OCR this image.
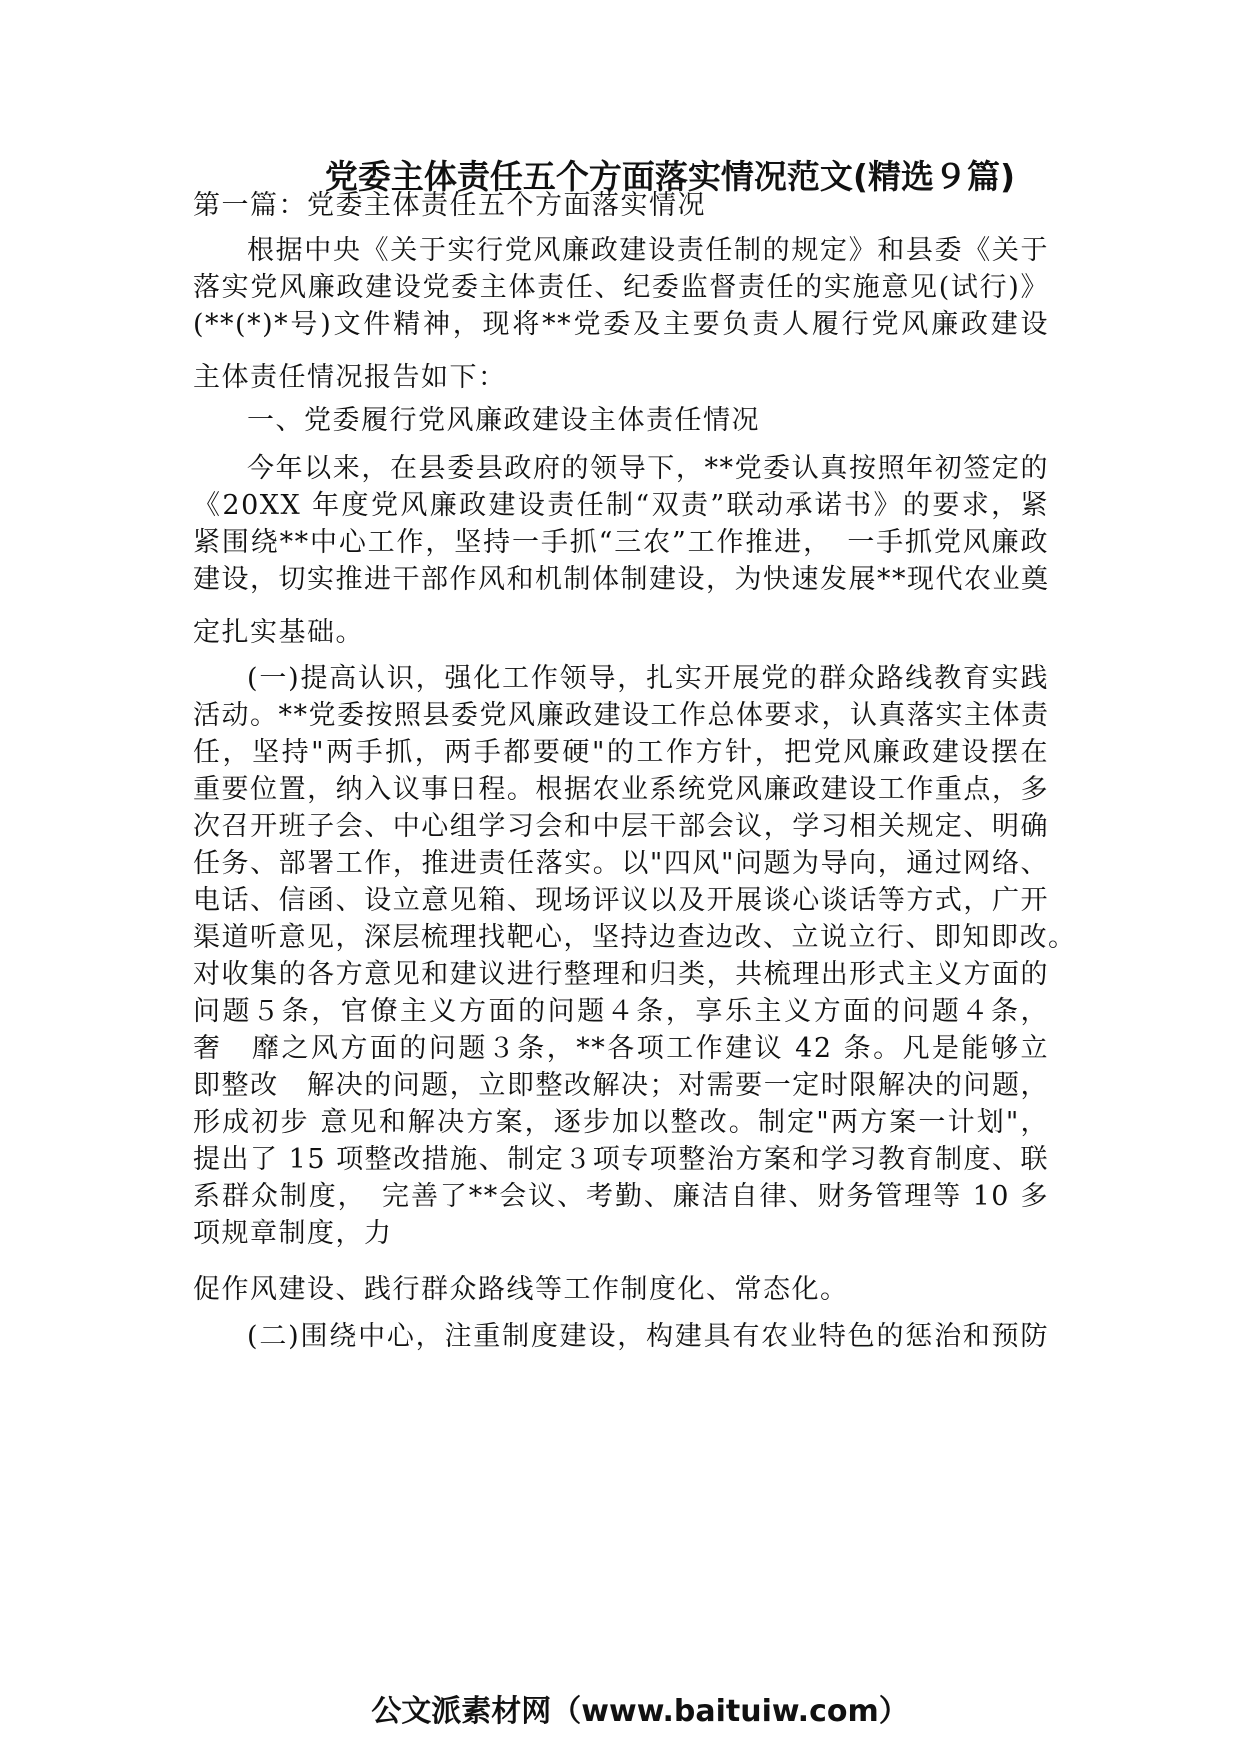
党委主体责任五个方面落实情况范文(精选９篇)
第一篇：党委主体责任五个方面落实情况
根据中央《关于实行党风廉政建设责任制的规定》和县委《关于
落实党风廉政建设党委主体责任、纪委监督责任的实施意见(试行)》
(**(*)*号)文件精神，现将**党委及主要负责人履行党风廉政建设
主体责任情况报告如下：
一、党委履行党风廉政建设主体责任情况
今年以来，在县委县政府的领导下，**党委认真按照年初签定的
《20XX 年度党风廉政建设责任制“双责”联动承诺书》的要求，紧
紧围绕**中心工作，坚持一手抓“三农”工作推进，　一手抓党风廉政
建设，切实推进干部作风和机制体制建设，为快速发展**现代农业奠
定扎实基础。
(一)提高认识，强化工作领导，扎实开展党的群众路线教育实践
活动。**党委按照县委党风廉政建设工作总体要求，认真落实主体责
任，坚持"两手抓，两手都要硬"的工作方针，把党风廉政建设摆在
重要位置，纳入议事日程。根据农业系统党风廉政建设工作重点，多
次召开班子会、中心组学习会和中层干部会议，学习相关规定、明确
任务、部署工作，推进责任落实。以"四风"问题为导向，通过网络、
电话、信函、设立意见箱、现场评议以及开展谈心谈话等方式，广开
渠道听意见，深层梳理找靶心，坚持边查边改、立说立行、即知即改。
对收集的各方意见和建议进行整理和归类，共梳理出形式主义方面的
问题５条，官僚主义方面的问题４条，享乐主义方面的问题４条，
奢　靡之风方面的问题３条，**各项工作建议 42 条。凡是能够立
即整改　解决的问题，立即整改解决；对需要一定时限解决的问题，
形成初步 意见和解决方案，逐步加以整改。制定"两方案一计划"，
提出了 15 项整改措施、制定３项专项整治方案和学习教育制度、联
系群众制度，　完善了**会议、考勤、廉洁自律、财务管理等 10 多
项规章制度，力
促作风建设、践行群众路线等工作制度化、常态化。
(二)围绕中心，注重制度建设，构建具有农业特色的惩治和预防
公文派素材网（www.baituiw.com）
